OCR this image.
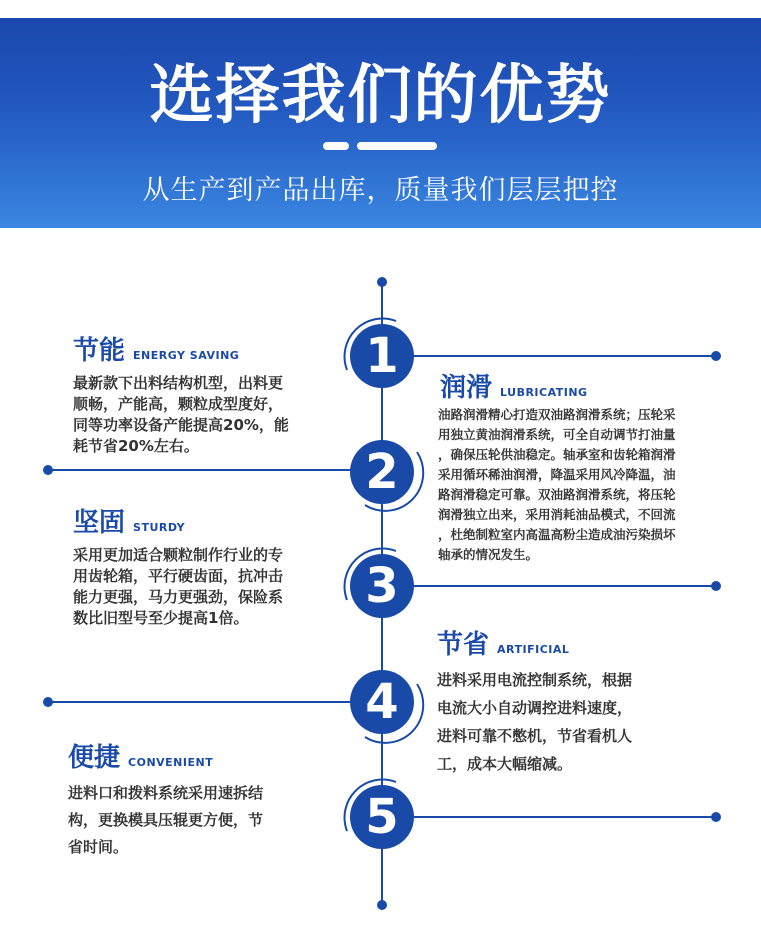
选择我们的优势
从生产到产品出库，质量我们层层把控
1
2
3
4
5
节能 ENERGY SAVING
最新款下出料结构机型，出料更
顺畅，产能高，颗粒成型度好，
同等功率设备产能提高20%，能
耗节省20%左右。
润滑 LUBRICATING
油路润滑精心打造双油路润滑系统；压轮采
用独立黄油润滑系统，可全自动调节打油量
，确保压轮供油稳定。轴承室和齿轮箱润滑
采用循环稀油润滑，降温采用风冷降温，油
路润滑稳定可靠。双油路润滑系统，将压轮
润滑独立出来，采用消耗油品模式，不回流
，杜绝制粒室内高温高粉尘造成油污染损坏
轴承的情况发生。
坚固 STURDY
采用更加适合颗粒制作行业的专
用齿轮箱，平行硬齿面，抗冲击
能力更强，马力更强劲，保险系
数比旧型号至少提高1倍。
节省 ARTIFICIAL
进料采用电流控制系统，根据
电流大小自动调控进料速度，
进料可靠不憋机，节省看机人
工，成本大幅缩减。
便捷 CONVENIENT
进料口和拨料系统采用速拆结
构，更换模具压辊更方便，节
省时间。
